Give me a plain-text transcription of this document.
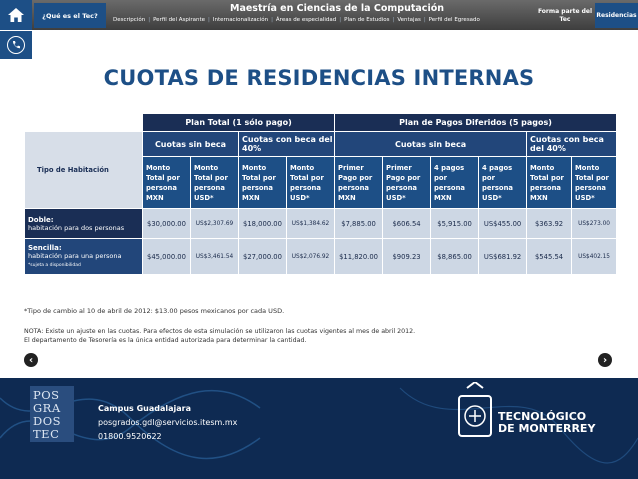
¿Qué es el Tec?
Maestría en Ciencias de la Computación
Descripción | Perfil del Aspirante | Internacionalización | Áreas de especialidad | Plan de Estudios | Ventajas | Perfil del Egresado
Forma parte del Tec	Residencias
CUOTAS DE RESIDENCIAS INTERNAS
	Plan Total (1 sólo pago)				Plan de Pagos Diferidos (5 pagos)					

Tipo de Habitación	Cuotas sin beca		Cuotas con beca del 40%		Cuotas sin beca				Cuotas con beca del 40%	
	Monto Total por persona MXN	Monto Total por persona USD*	Monto Total por persona MXN	Monto Total por persona USD*	Primer Pago por persona MXN	Primer Pago por persona USD*	4 pagos por persona MXN	4 pagos por persona USD*	Monto Total por persona MXN	Monto Total por persona USD*
Doble:
habitación para dos personas	$30,000.00	US$2,307.69	$18,000.00	US$1,384.62	$7,885.00	$606.54	$5,915.00	US$455.00	$363.92	US$273.00
Sencilla:
habitación para una persona
*sujeta a disponibilidad	$45,000.00	US$3,461.54	$27,000.00	US$2,076.92	$11,820.00	$909.23	$8,865.00	US$681.92	$545.54	US$402.15
*Tipo de cambio al 10 de abril de 2012: $13.00 pesos mexicanos por cada USD.
NOTA: Existe un ajuste en las cuotas. Para efectos de esta simulación se utilizaron las cuotas vigentes al mes de abril 2012.
El departamento de Tesorería es la única entidad autorizada para determinar la cantidad.
‹	›
POS
GRA
DOS
TEC
Campus Guadalajara
posgrados.gdl@servicios.itesm.mx
01800.9520622
TECNOLÓGICO
DE MONTERREY
